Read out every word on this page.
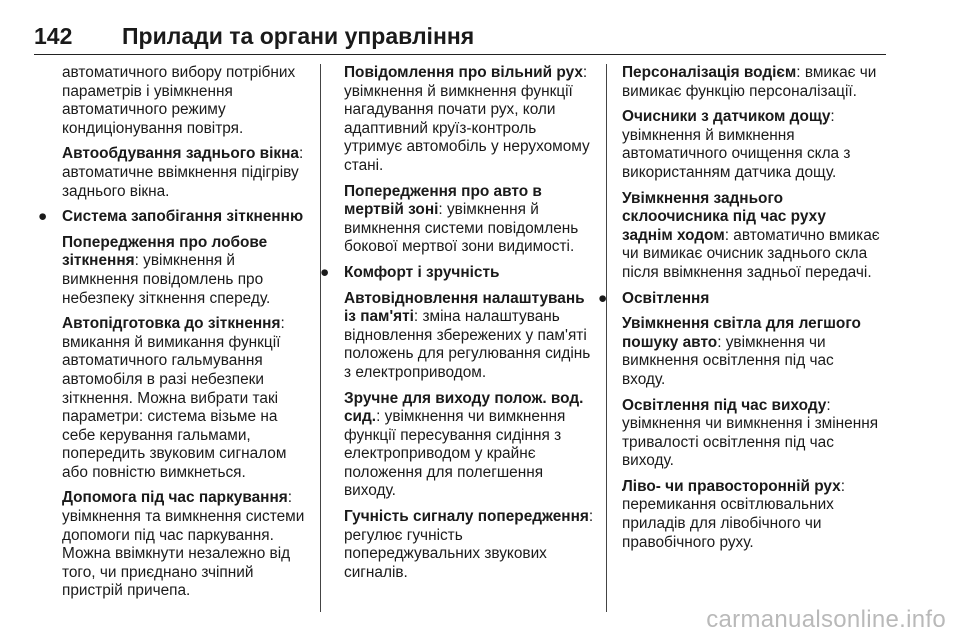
142	Прилади та органи управління

автоматичного вибору потрібних параметрів і увімкнення автоматичного режиму кондиціонування повітря.

Автообдування заднього вікна: автоматичне ввімкнення підігріву заднього вікна.

● Система запобігання зіткненню

Попередження про лобове зіткнення: увімкнення й вимкнення повідомлень про небезпеку зіткнення спереду.

Автопідготовка до зіткнення: вмикання й вимикання функції автоматичного гальмування автомобіля в разі небезпеки зіткнення. Можна вибрати такі параметри: система візьме на себе керування гальмами, попередить звуковим сигналом або повністю вимкнеться.

Допомога під час паркування: увімкнення та вимкнення системи допомоги під час паркування. Можна ввімкнути незалежно від того, чи приєднано зчіпний пристрій причепа.

Повідомлення про вільний рух: увімкнення й вимкнення функції нагадування почати рух, коли адаптивний круїз-контроль утримує автомобіль у нерухомому стані.

Попередження про авто в мертвій зоні: увімкнення й вимкнення системи повідомлень бокової мертвої зони видимості.

● Комфорт і зручність

Автовідновлення налаштувань із пам'яті: зміна налаштувань відновлення збережених у пам'яті положень для регулювання сидінь з електроприводом.

Зручне для виходу полож. вод. сид.: увімкнення чи вимкнення функції пересування сидіння з електроприводом у крайнє положення для полегшення виходу.

Гучність сигналу попередження: регулює гучність попереджувальних звукових сигналів.

Персоналізація водієм: вмикає чи вимикає функцію персоналізації.

Очисники з датчиком дощу: увімкнення й вимкнення автоматичного очищення скла з використанням датчика дощу.

Увімкнення заднього склоочисника під час руху заднім ходом: автоматично вмикає чи вимикає очисник заднього скла після ввімкнення задньої передачі.

● Освітлення

Увімкнення світла для легшого пошуку авто: увімкнення чи вимкнення освітлення під час входу.

Освітлення під час виходу: увімкнення чи вимкнення і змінення тривалості освітлення під час виходу.

Ліво- чи правосторонній рух: перемикання освітлювальних приладів для лівобічного чи правобічного руху.

carmanualsonline.info
